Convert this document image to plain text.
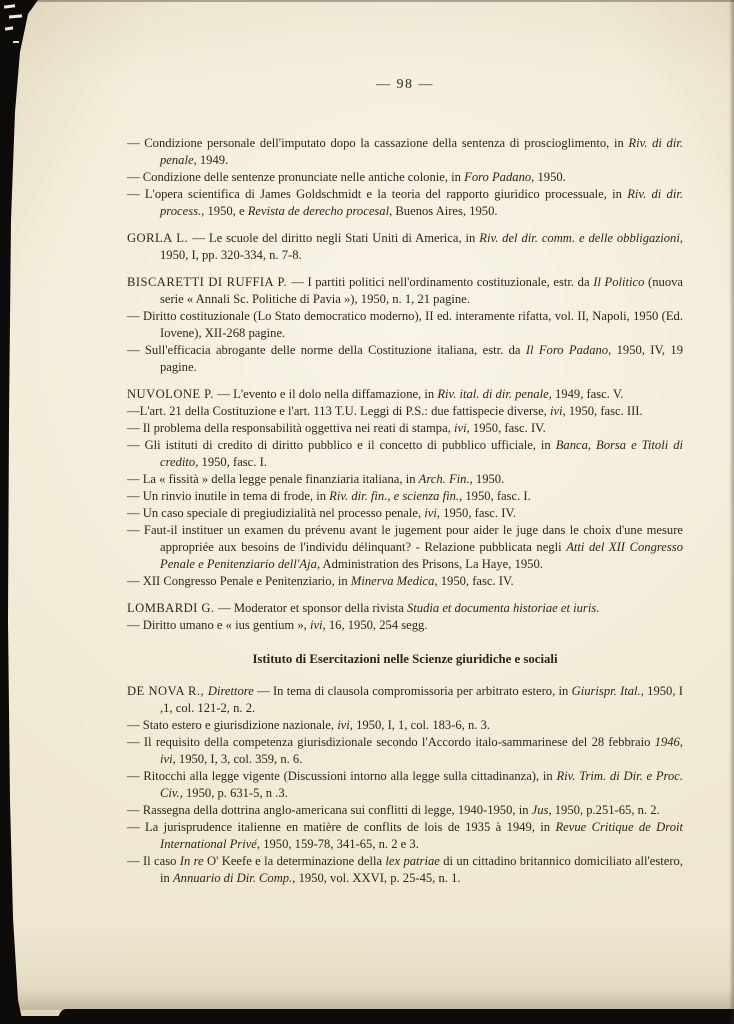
— 98 —

— Condizione personale dell'imputato dopo la cassazione della sentenza di proscioglimento, in Riv. di dir. penale, 1949.

— Condizione delle sentenze pronunciate nelle antiche colonie, in Foro Padano, 1950.

— L'opera scientifica di James Goldschmidt e la teoria del rapporto giuridico processuale, in Riv. di dir. process., 1950, e Revista de derecho procesal, Buenos Aires, 1950.

GORLA L. — Le scuole del diritto negli Stati Uniti di America, in Riv. del dir. comm. e delle obbligazioni, 1950, I, pp. 320-334, n. 7-8.

BISCARETTI DI RUFFIA P. — I partiti politici nell'ordinamento costituzionale, estr. da Il Politico (nuova serie « Annali Sc. Politiche di Pavia »), 1950, n. 1, 21 pagine.

— Diritto costituzionale (Lo Stato democratico moderno), II ed. interamente rifatta, vol. II, Napoli, 1950 (Ed. Iovene), XII-268 pagine.

— Sull'efficacia abrogante delle norme della Costituzione italiana, estr. da Il Foro Padano, 1950, IV, 19 pagine.

NUVOLONE P. — L'evento e il dolo nella diffamazione, in Riv. ital. di dir. penale, 1949, fasc. V.

—L'art. 21 della Costituzione e l'art. 113 T.U. Leggi di P.S.: due fattispecie diverse, ivi, 1950, fasc. III.

— Il problema della responsabilità oggettiva nei reati di stampa, ivi, 1950, fasc. IV.

— Gli istituti di credito di diritto pubblico e il concetto di pubblico ufficiale, in Banca, Borsa e Titoli di credito, 1950, fasc. I.

— La « fissità » della legge penale finanziaria italiana, in Arch. Fin., 1950.

— Un rinvio inutile in tema di frode, in Riv. dir. fin., e scienza fin., 1950, fasc. I.

— Un caso speciale di pregiudizialità nel processo penale, ivi, 1950, fasc. IV.

— Faut-il instituer un examen du prévenu avant le jugement pour aider le juge dans le choix d'une mesure appropriée aux besoins de l'individu délinquant? - Relazione pubblicata negli Atti del XII Congresso Penale e Penitenziario dell'Aja, Administration des Prisons, La Haye, 1950.

— XII Congresso Penale e Penitenziario, in Minerva Medica, 1950, fasc. IV.

LOMBARDI G. — Moderator et sponsor della rivista Studia et documenta historiae et iuris.

— Diritto umano e « ius gentium », ivi, 16, 1950, 254 segg.

Istituto di Esercitazioni nelle Scienze giuridiche e sociali

DE NOVA R., Direttore — In tema di clausola compromissoria per arbitrato estero, in Giurispr. Ital., 1950, I ,1, col. 121-2, n. 2.

— Stato estero e giurisdizione nazionale, ivi, 1950, I, 1, col. 183-6, n. 3.

— Il requisito della competenza giurisdizionale secondo l'Accordo italo-sammarinese del 28 febbraio 1946, ivi, 1950, I, 3, col. 359, n. 6.

— Ritocchi alla legge vigente (Discussioni intorno alla legge sulla cittadinanza), in Riv. Trim. di Dir. e Proc. Civ., 1950, p. 631-5, n .3.

— Rassegna della dottrina anglo-americana sui conflitti di legge, 1940-1950, in Jus, 1950, p.251-65, n. 2.

— La jurisprudence italienne en matière de conflits de lois de 1935 à 1949, in Revue Critique de Droit International Privé, 1950, 159-78, 341-65, n. 2 e 3.

— Il caso In re O' Keefe e la determinazione della lex patriae di un cittadino britannico domiciliato all'estero, in Annuario di Dir. Comp., 1950, vol. XXVI, p. 25-45, n. 1.
